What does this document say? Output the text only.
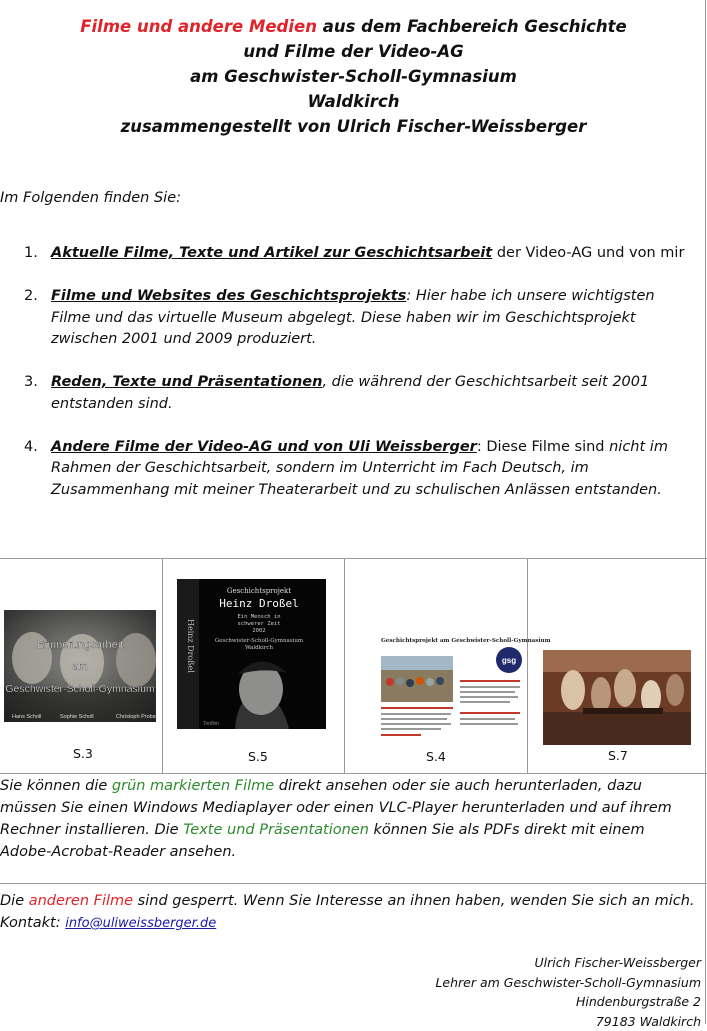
Filme und andere Medien aus dem Fachbereich Geschichte
und Filme der Video-AG
am Geschwister-Scholl-Gymnasium
Waldkirch
zusammengestellt von Ulrich Fischer-Weissberger
Im Folgenden finden Sie:
1. Aktuelle Filme, Texte und Artikel zur Geschichtsarbeit der Video-AG und von mir
2. Filme und Websites des Geschichtsprojekts: Hier habe ich unsere wichtigsten Filme und das virtuelle Museum abgelegt. Diese haben wir im Geschichtsprojekt zwischen 2001 und 2009 produziert.
3. Reden, Texte und Präsentationen, die während der Geschichtsarbeit seit 2001 entstanden sind.
4. Andere Filme der Video-AG und von Uli Weissberger: Diese Filme sind nicht im Rahmen der Geschichtsarbeit, sondern im Unterricht im Fach Deutsch, im Zusammenhang mit meiner Theaterarbeit und zu schulischen Anlässen entstanden.
Erinnerungsarbeit
am
Geschwister-Scholl-Gymnasium
Hans Scholl	Sophie Scholl	Christoph Probst
S.3
Heinz Droßel
Geschichtsprojekt
Heinz Droßel
Ein Mensch in
schwerer Zeit
2002
Geschwister-Scholl-Gymnasium
Waldkirch
Tonfilm
S.5
Geschichtsprojekt am Geschwister-Scholl-Gymnasium
gsg
S.4	S.7
Sie können die grün markierten Filme direkt ansehen oder sie auch herunterladen, dazu müssen Sie einen Windows Mediaplayer oder einen VLC-Player herunterladen und auf ihrem Rechner installieren. Die Texte und Präsentationen können Sie als PDFs direkt mit einem Adobe-Acrobat-Reader ansehen.
Die anderen Filme sind gesperrt. Wenn Sie Interesse an ihnen haben, wenden Sie sich an mich.
Kontakt: info@uliweissberger.de
Ulrich Fischer-Weissberger
Lehrer am Geschwister-Scholl-Gymnasium
Hindenburgstraße 2
79183 Waldkirch
